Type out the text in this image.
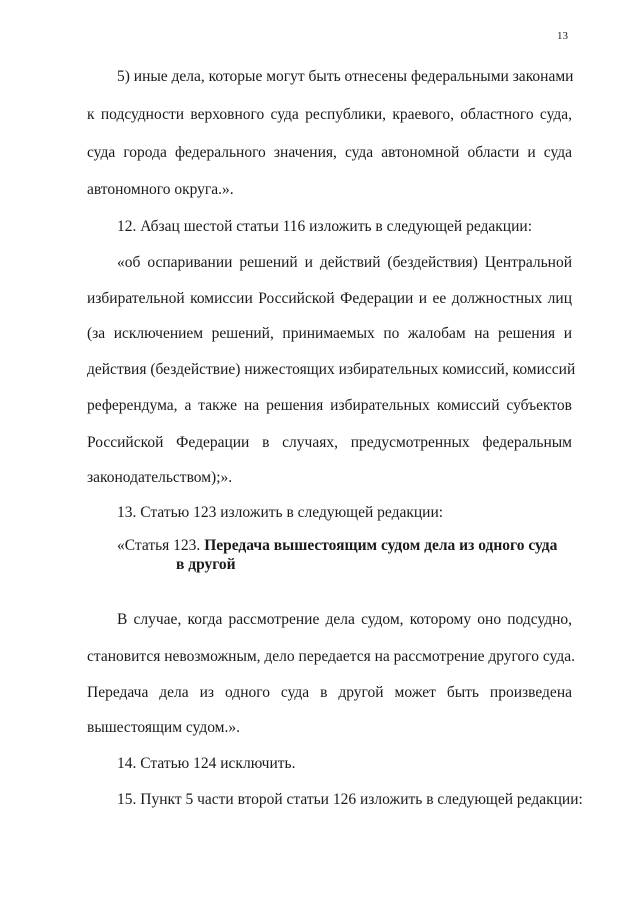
13
5) иные дела, которые могут быть отнесены федеральными законами
к подсудности верховного суда республики, краевого, областного суда,
суда города федерального значения, суда автономной области и суда
автономного округа.».
12. Абзац шестой статьи 116 изложить в следующей редакции:
«об оспаривании решений и действий (бездействия) Центральной
избирательной комиссии Российской Федерации и ее должностных лиц
(за исключением решений, принимаемых по жалобам на решения и
действия (бездействие) нижестоящих избирательных комиссий, комиссий
референдума, а также на решения избирательных комиссий субъектов
Российской Федерации в случаях, предусмотренных федеральным
законодательством);».
13. Статью 123 изложить в следующей редакции:
«Статья 123. Передача вышестоящим судом дела из одного суда
в другой
В случае, когда рассмотрение дела судом, которому оно подсудно,
становится невозможным, дело передается на рассмотрение другого суда.
Передача дела из одного суда в другой может быть произведена
вышестоящим судом.».
14. Статью 124 исключить.
15. Пункт 5 части второй статьи 126 изложить в следующей редакции:
